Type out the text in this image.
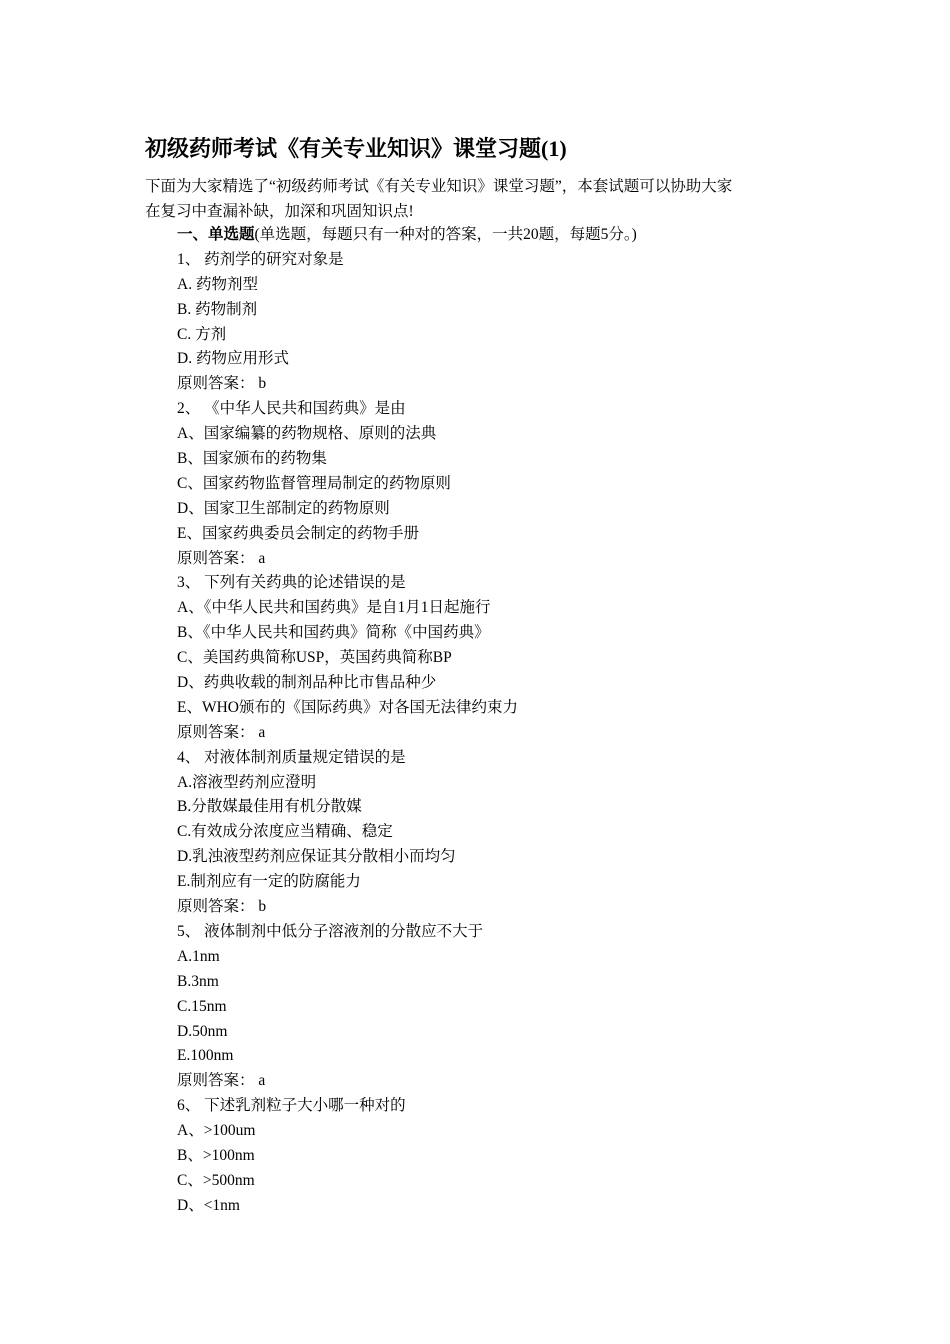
初级药师考试《有关专业知识》课堂习题(1)
下面为大家精选了“初级药师考试《有关专业知识》课堂习题”，本套试题可以协助大家
在复习中查漏补缺，加深和巩固知识点!
一、单选题(单选题，每题只有一种对的答案，一共20题，每题5分。)
1、 药剂学的研究对象是
A. 药物剂型
B. 药物制剂
C. 方剂
D. 药物应用形式
原则答案： b
2、 《中华人民共和国药典》是由
A、国家编纂的药物规格、原则的法典
B、国家颁布的药物集
C、国家药物监督管理局制定的药物原则
D、国家卫生部制定的药物原则
E、国家药典委员会制定的药物手册
原则答案： a
3、 下列有关药典的论述错误的是
A、《中华人民共和国药典》是自1月1日起施行
B、《中华人民共和国药典》简称《中国药典》
C、美国药典简称USP，英国药典简称BP
D、药典收载的制剂品种比市售品种少
E、WHO颁布的《国际药典》对各国无法律约束力
原则答案： a
4、 对液体制剂质量规定错误的是
A.溶液型药剂应澄明
B.分散媒最佳用有机分散媒
C.有效成分浓度应当精确、稳定
D.乳浊液型药剂应保证其分散相小而均匀
E.制剂应有一定的防腐能力
原则答案： b
5、 液体制剂中低分子溶液剂的分散应不大于
A.1nm
B.3nm
C.15nm
D.50nm
E.100nm
原则答案： a
6、 下述乳剂粒子大小哪一种对的
A、>100um
B、>100nm
C、>500nm
D、<1nm
